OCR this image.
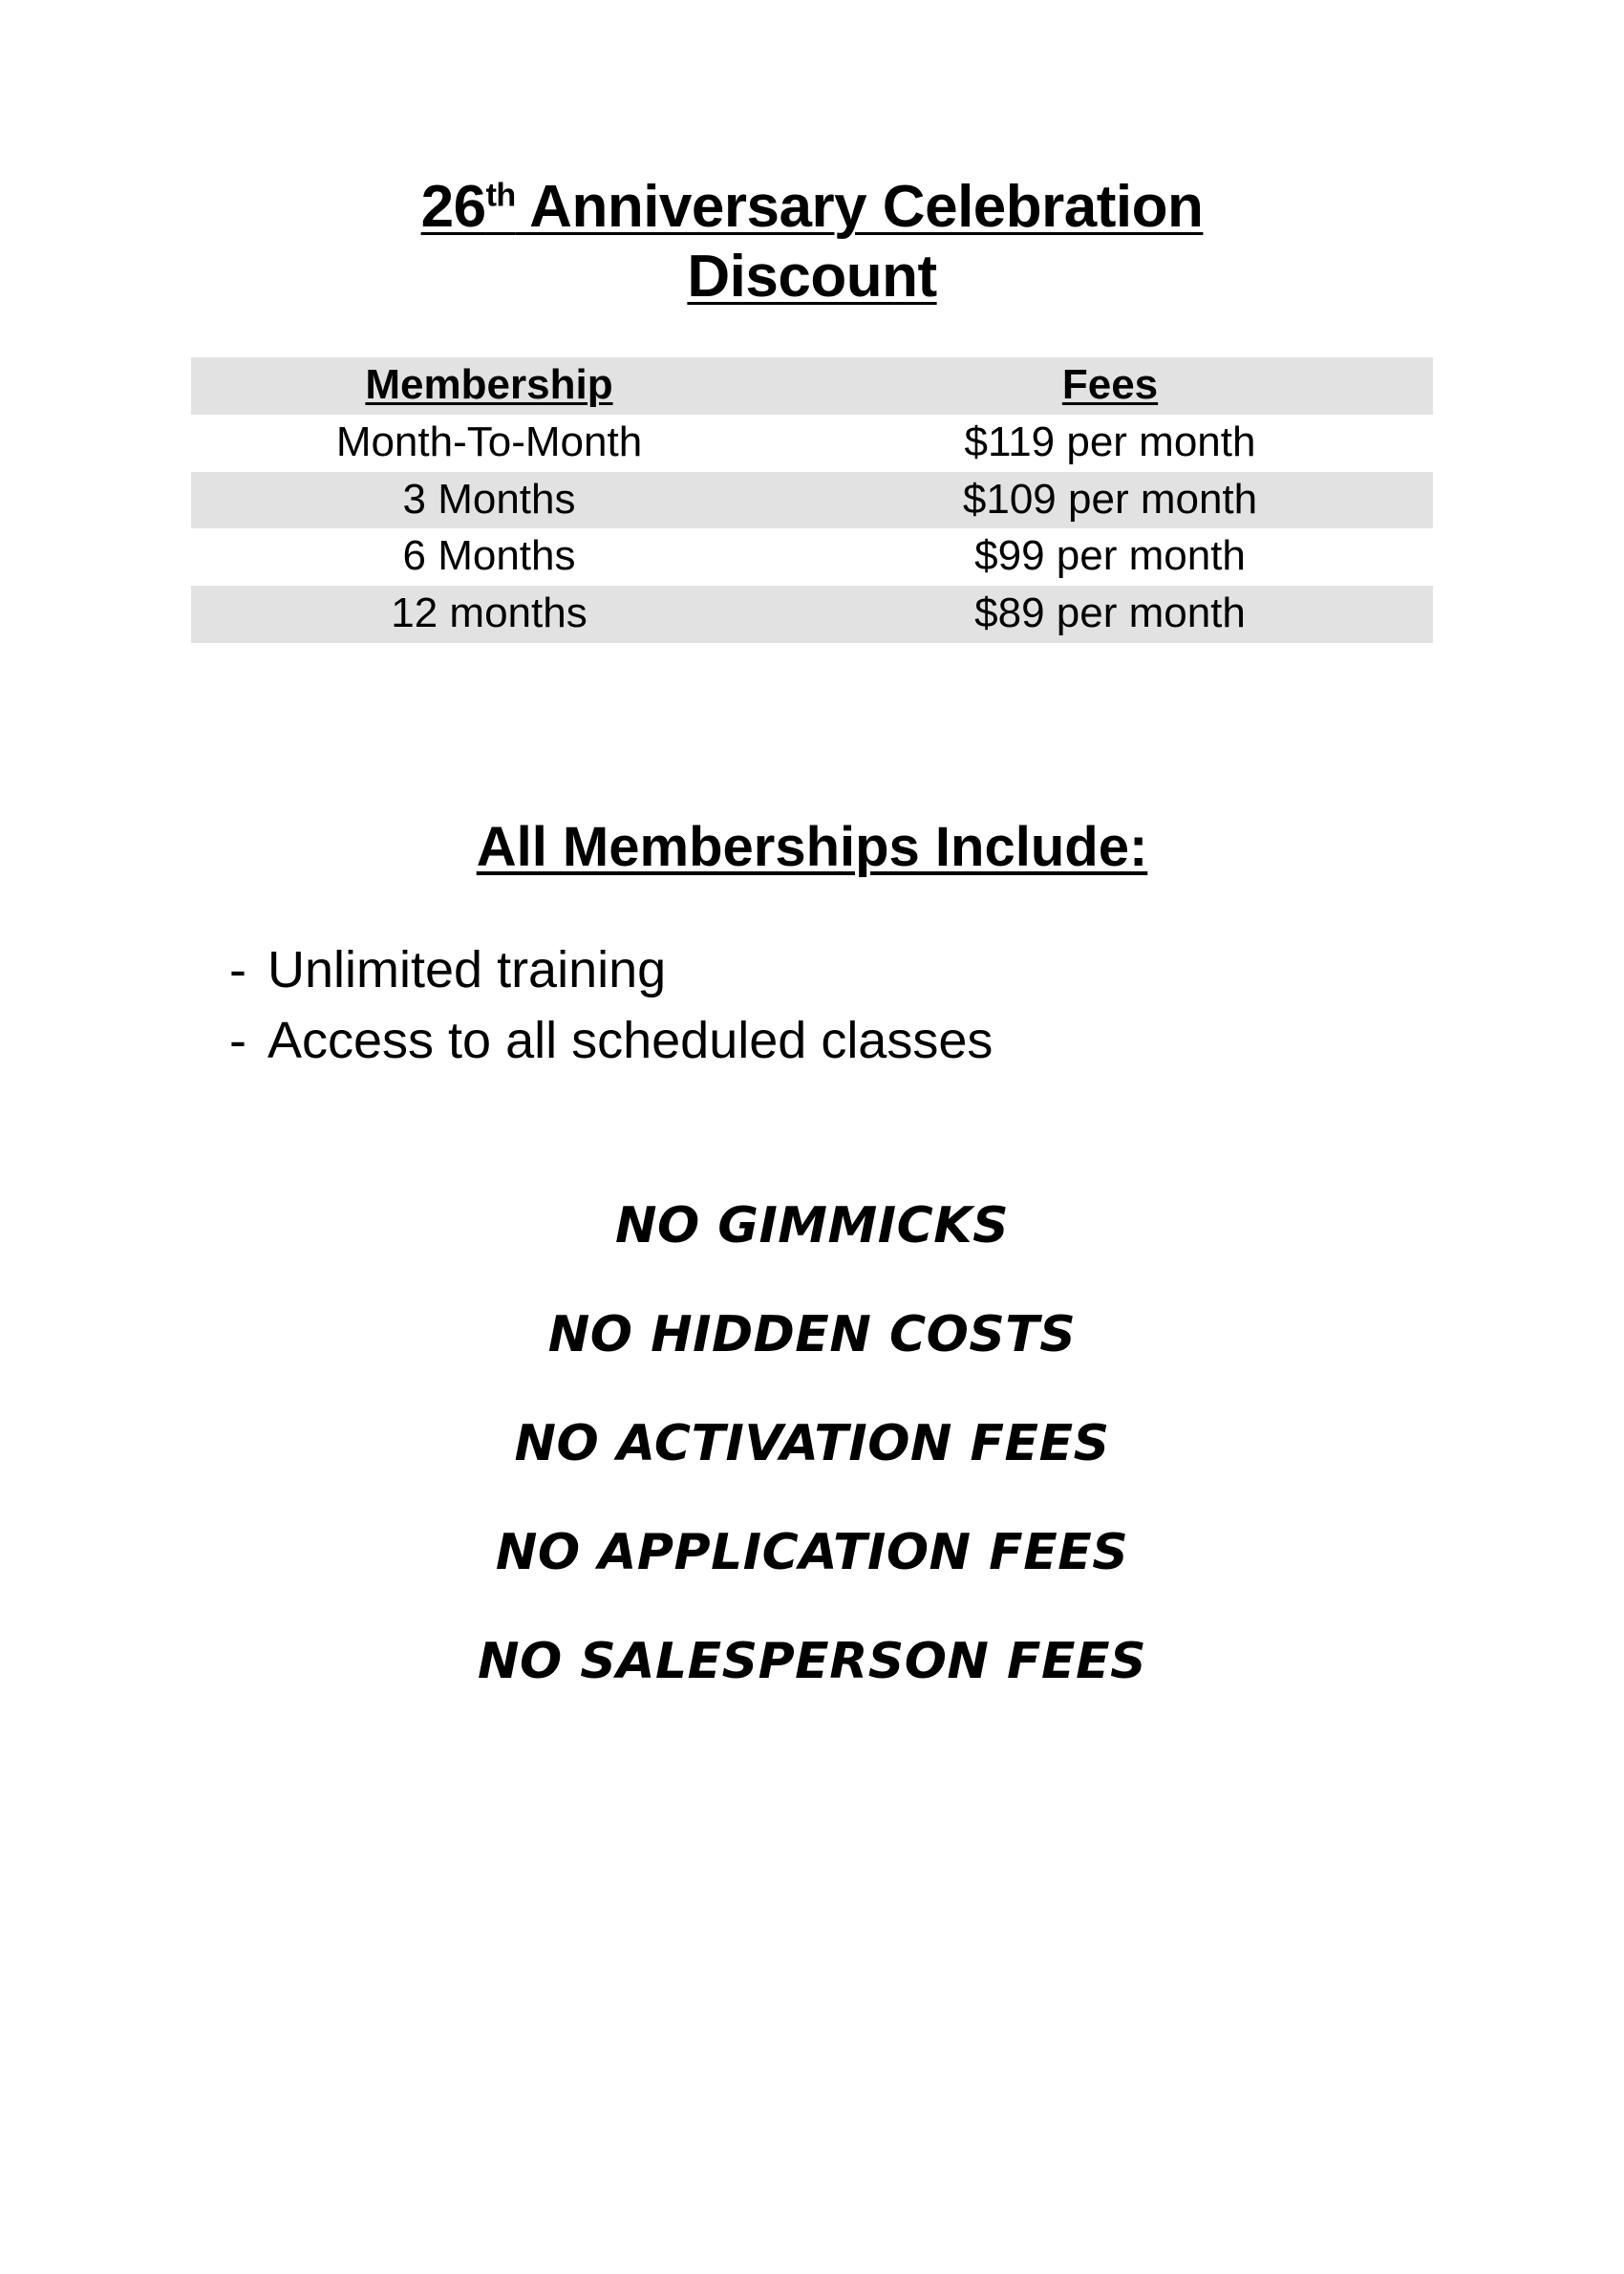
26th Anniversary Celebration
Discount
Membership	Fees
Month-To-Month	$119 per month
3 Months	$109 per month
6 Months	$99 per month
12 months	$89 per month
All Memberships Include:
- Unlimited training
- Access to all scheduled classes
NO GIMMICKS
NO HIDDEN COSTS
NO ACTIVATION FEES
NO APPLICATION FEES
NO SALESPERSON FEES
